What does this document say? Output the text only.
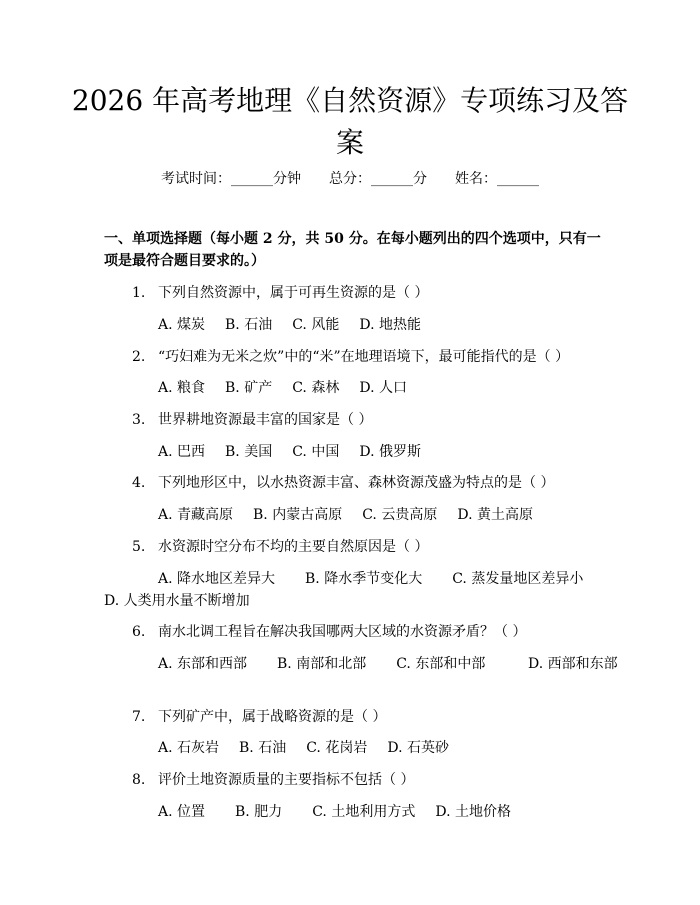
2026 年高考地理《自然资源》专项练习及答
案
考试时间：______分钟 总分：______分 姓名：______
一、单项选择题（每小题 2 分，共 50 分。在每小题列出的四个选项中，只有一项是最符合题目要求的。）
1. 下列自然资源中，属于可再生资源的是（ ）
A. 煤炭 B. 石油 C. 风能 D. 地热能
2. “巧妇难为无米之炊”中的“米”在地理语境下，最可能指代的是（ ）
A. 粮食 B. 矿产 C. 森林 D. 人口
3. 世界耕地资源最丰富的国家是（ ）
A. 巴西 B. 美国 C. 中国 D. 俄罗斯
4. 下列地形区中，以水热资源丰富、森林资源茂盛为特点的是（ ）
A. 青藏高原 B. 内蒙古高原 C. 云贵高原 D. 黄土高原
5. 水资源时空分布不均的主要自然原因是（ ）
A. 降水地区差异大 B. 降水季节变化大 C. 蒸发量地区差异小
D. 人类用水量不断增加
6. 南水北调工程旨在解决我国哪两大区域的水资源矛盾？（ ）
A. 东部和西部 B. 南部和北部 C. 东部和中部	D. 西部和东部
7. 下列矿产中，属于战略资源的是（ ）
A. 石灰岩 B. 石油 C. 花岗岩 D. 石英砂
8. 评价土地资源质量的主要指标不包括（ ）
A. 位置 B. 肥力 C. 土地利用方式 D. 土地价格
